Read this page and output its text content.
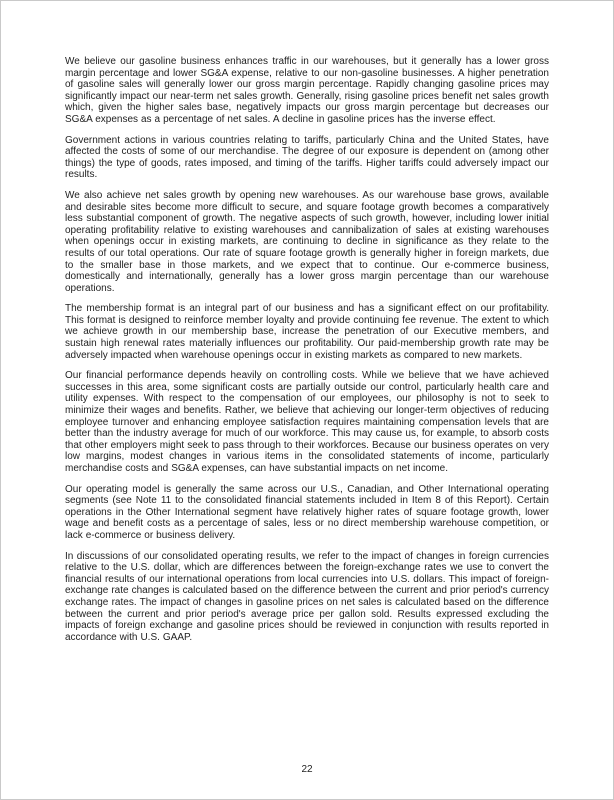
We believe our gasoline business enhances traffic in our warehouses, but it generally has a lower gross margin percentage and lower SG&A expense, relative to our non-gasoline businesses. A higher penetration of gasoline sales will generally lower our gross margin percentage. Rapidly changing gasoline prices may significantly impact our near-term net sales growth. Generally, rising gasoline prices benefit net sales growth which, given the higher sales base, negatively impacts our gross margin percentage but decreases our SG&A expenses as a percentage of net sales. A decline in gasoline prices has the inverse effect.

Government actions in various countries relating to tariffs, particularly China and the United States, have affected the costs of some of our merchandise. The degree of our exposure is dependent on (among other things) the type of goods, rates imposed, and timing of the tariffs. Higher tariffs could adversely impact our results.

We also achieve net sales growth by opening new warehouses. As our warehouse base grows, available and desirable sites become more difficult to secure, and square footage growth becomes a comparatively less substantial component of growth. The negative aspects of such growth, however, including lower initial operating profitability relative to existing warehouses and cannibalization of sales at existing warehouses when openings occur in existing markets, are continuing to decline in significance as they relate to the results of our total operations. Our rate of square footage growth is generally higher in foreign markets, due to the smaller base in those markets, and we expect that to continue. Our e-commerce business, domestically and internationally, generally has a lower gross margin percentage than our warehouse operations.

The membership format is an integral part of our business and has a significant effect on our profitability. This format is designed to reinforce member loyalty and provide continuing fee revenue. The extent to which we achieve growth in our membership base, increase the penetration of our Executive members, and sustain high renewal rates materially influences our profitability. Our paid-membership growth rate may be adversely impacted when warehouse openings occur in existing markets as compared to new markets.

Our financial performance depends heavily on controlling costs. While we believe that we have achieved successes in this area, some significant costs are partially outside our control, particularly health care and utility expenses. With respect to the compensation of our employees, our philosophy is not to seek to minimize their wages and benefits. Rather, we believe that achieving our longer-term objectives of reducing employee turnover and enhancing employee satisfaction requires maintaining compensation levels that are better than the industry average for much of our workforce. This may cause us, for example, to absorb costs that other employers might seek to pass through to their workforces. Because our business operates on very low margins, modest changes in various items in the consolidated statements of income, particularly merchandise costs and SG&A expenses, can have substantial impacts on net income.

Our operating model is generally the same across our U.S., Canadian, and Other International operating segments (see Note 11 to the consolidated financial statements included in Item 8 of this Report). Certain operations in the Other International segment have relatively higher rates of square footage growth, lower wage and benefit costs as a percentage of sales, less or no direct membership warehouse competition, or lack e-commerce or business delivery.

In discussions of our consolidated operating results, we refer to the impact of changes in foreign currencies relative to the U.S. dollar, which are differences between the foreign-exchange rates we use to convert the financial results of our international operations from local currencies into U.S. dollars. This impact of foreign-exchange rate changes is calculated based on the difference between the current and prior period's currency exchange rates. The impact of changes in gasoline prices on net sales is calculated based on the difference between the current and prior period's average price per gallon sold. Results expressed excluding the impacts of foreign exchange and gasoline prices should be reviewed in conjunction with results reported in accordance with U.S. GAAP.

22
